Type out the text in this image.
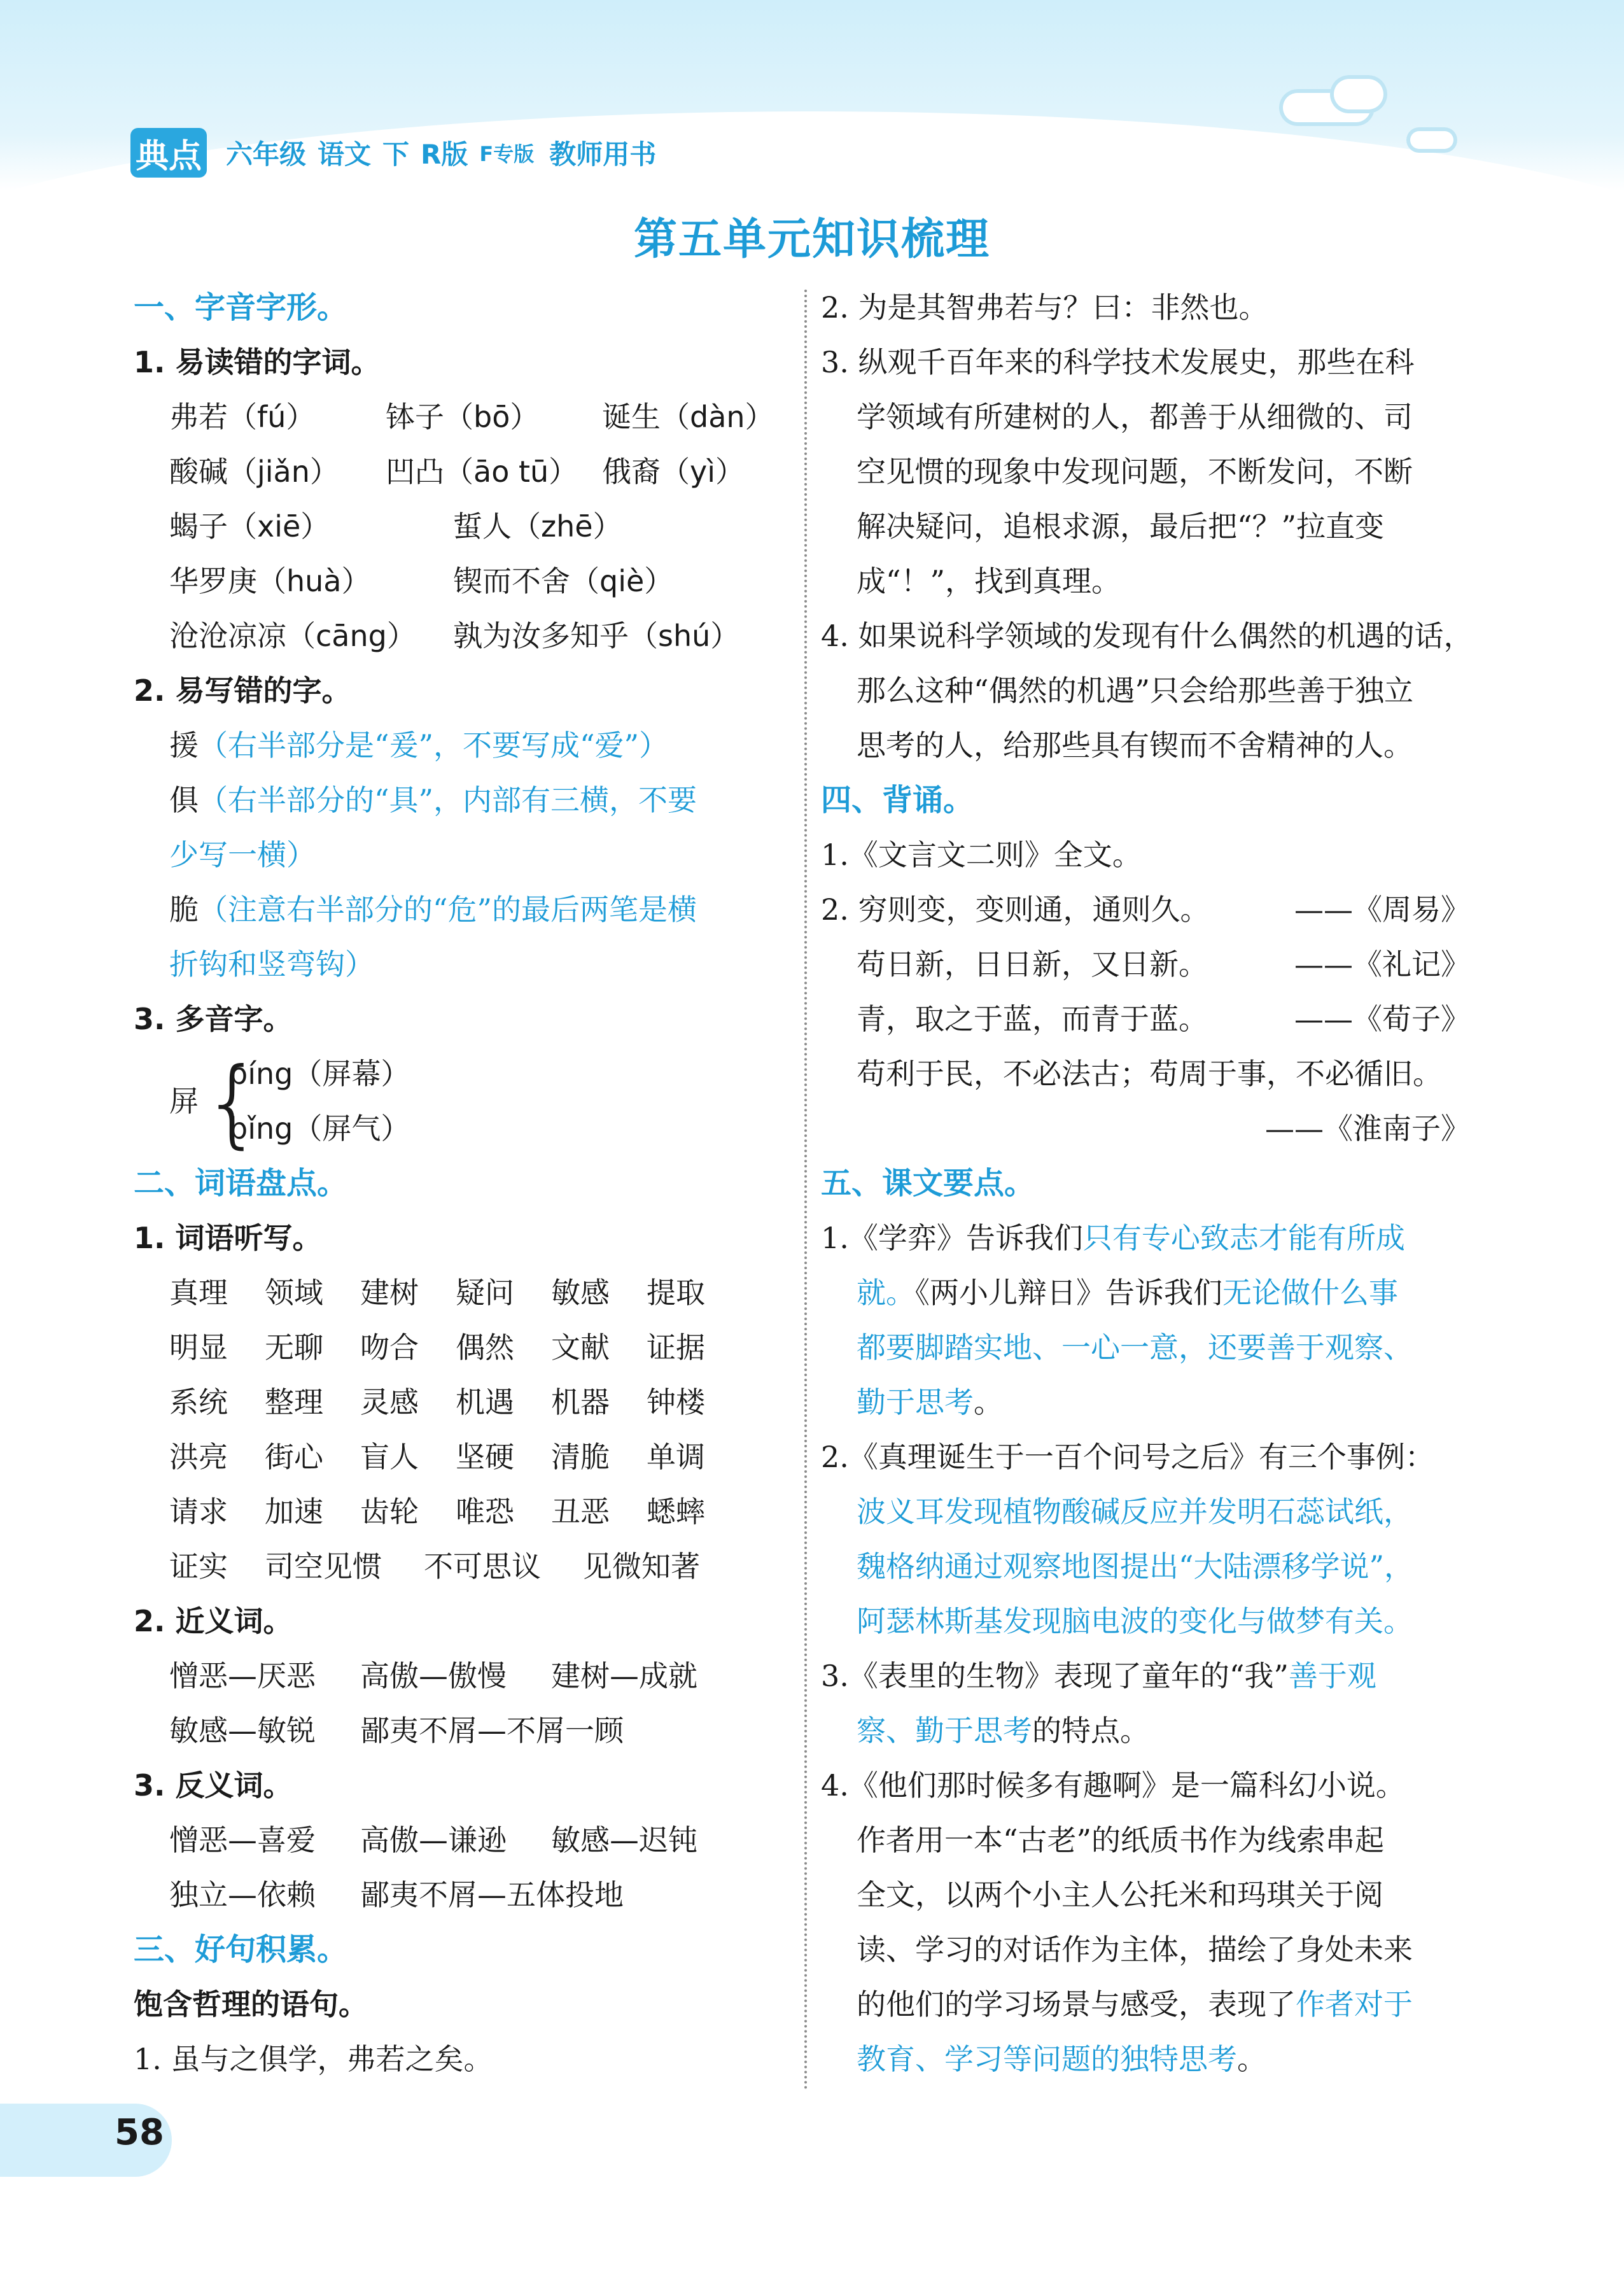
典点 六年级 语文 下 R版 F专版 教师用书
第五单元知识梳理
一、字音字形。
1. 易读错的字词。
弗若（fú）	钵子（bō）	诞生（dàn）
酸碱（jiǎn）	凹凸（āo tū） 俄裔（yì）
蝎子（xiē）	蜇人（zhē）
华罗庚（huà）	锲而不舍（qiè）
沧沧凉凉（cāng）	孰为汝多知乎（shú）
2. 易写错的字。
援（右半部分是“爰”，不要写成“爱”）
俱（右半部分的“具”，内部有三横，不要
少写一横）
脆（注意右半部分的“危”的最后两笔是横
折钩和竖弯钩）
3. 多音字。
屏 {
píng（屏幕）
bǐng（屏气）
二、词语盘点。
1. 词语听写。
真理	领域	建树	疑问	敏感	提取
明显	无聊	吻合	偶然	文献	证据
系统	整理	灵感	机遇	机器	钟楼
洪亮	街心	盲人	坚硬	清脆	单调
请求	加速	齿轮	唯恐	丑恶	蟋蟀
证实	司空见惯	不可思议	见微知著
2. 近义词。
憎恶—厌恶	高傲—傲慢	建树—成就
敏感—敏锐	鄙夷不屑—不屑一顾
3. 反义词。
憎恶—喜爱	高傲—谦逊	敏感—迟钝
独立—依赖	鄙夷不屑—五体投地
三、好句积累。
饱含哲理的语句。
1. 虽与之俱学，弗若之矣。
2. 为是其智弗若与？曰：非然也。
3. 纵观千百年来的科学技术发展史，那些在科
学领域有所建树的人，都善于从细微的、司
空见惯的现象中发现问题，不断发问，不断
解决疑问，追根求源，最后把“？”拉直变
成“！”，找到真理。
4. 如果说科学领域的发现有什么偶然的机遇的话，
那么这种“偶然的机遇”只会给那些善于独立
思考的人，给那些具有锲而不舍精神的人。
四、背诵。
1.《文言文二则》全文。
2. 穷则变，变则通，通则久。	——《周易》
苟日新，日日新，又日新。	——《礼记》
青，取之于蓝，而青于蓝。	——《荀子》
苟利于民，不必法古；苟周于事，不必循旧。
——《淮南子》
五、课文要点。
1.《学弈》告诉我们只有专心致志才能有所成
就。《两小儿辩日》告诉我们无论做什么事
都要脚踏实地、一心一意，还要善于观察、
勤于思考。
2.《真理诞生于一百个问号之后》有三个事例：
波义耳发现植物酸碱反应并发明石蕊试纸，
魏格纳通过观察地图提出“大陆漂移学说”，
阿瑟林斯基发现脑电波的变化与做梦有关。
3.《表里的生物》表现了童年的“我”善于观
察、勤于思考的特点。
4.《他们那时候多有趣啊》是一篇科幻小说。
作者用一本“古老”的纸质书作为线索串起
全文，以两个小主人公托米和玛琪关于阅
读、学习的对话作为主体，描绘了身处未来
的他们的学习场景与感受，表现了作者对于
教育、学习等问题的独特思考。
58
